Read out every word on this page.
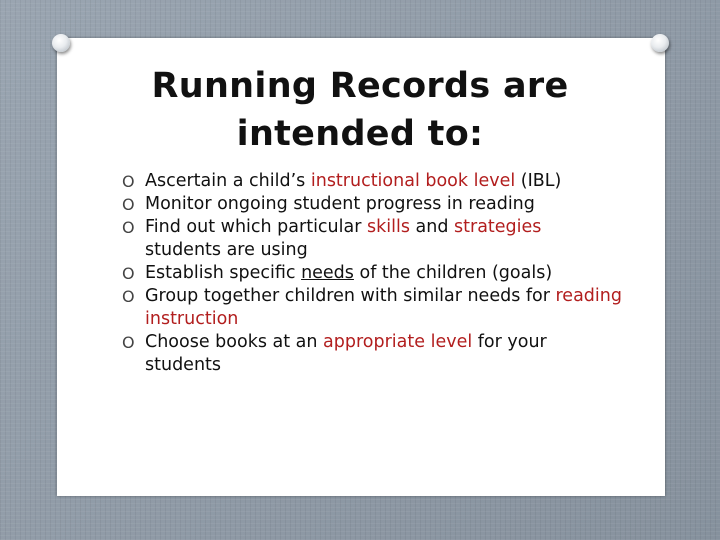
Running Records are
intended to:
O Ascertain a child’s instructional book level (IBL)
O Monitor ongoing student progress in reading
O Find out which particular skills and strategies students are using
O Establish specific needs of the children (goals)
O Group together children with similar needs for reading instruction
O Choose books at an appropriate level for your students
